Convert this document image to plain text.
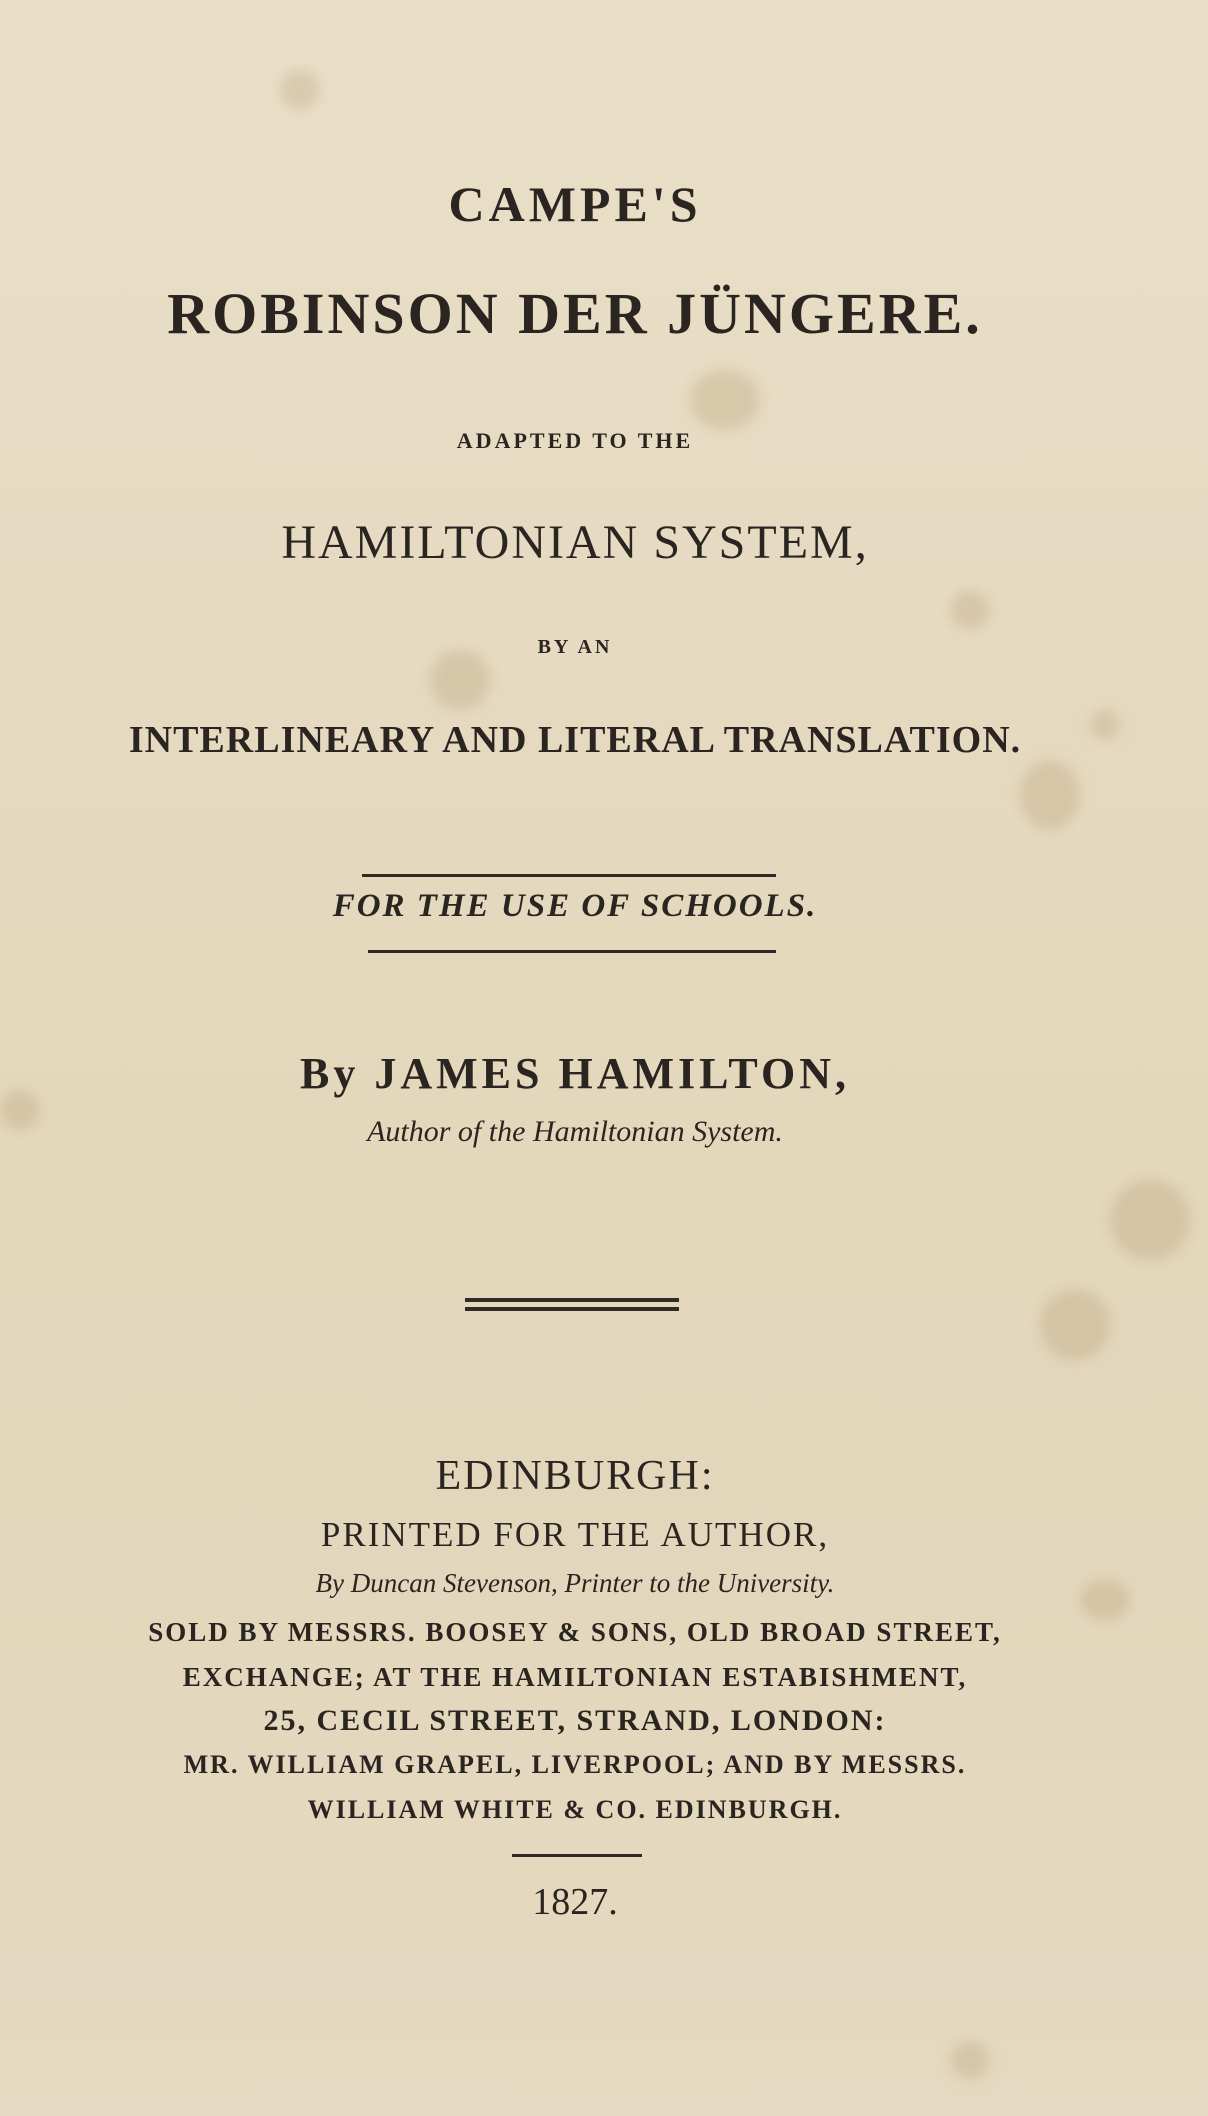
CAMPE'S
ROBINSON DER JÜNGERE.
ADAPTED TO THE
HAMILTONIAN SYSTEM,
BY AN
INTERLINEARY AND LITERAL TRANSLATION.
FOR THE USE OF SCHOOLS.
By JAMES HAMILTON,
Author of the Hamiltonian System.
EDINBURGH:
PRINTED FOR THE AUTHOR,
By Duncan Stevenson, Printer to the University.
SOLD BY MESSRS. BOOSEY & SONS, OLD BROAD STREET,
EXCHANGE; AT THE HAMILTONIAN ESTABISHMENT,
25, CECIL STREET, STRAND, LONDON:
MR. WILLIAM GRAPEL, LIVERPOOL; AND BY MESSRS.
WILLIAM WHITE & CO. EDINBURGH.
1827.
